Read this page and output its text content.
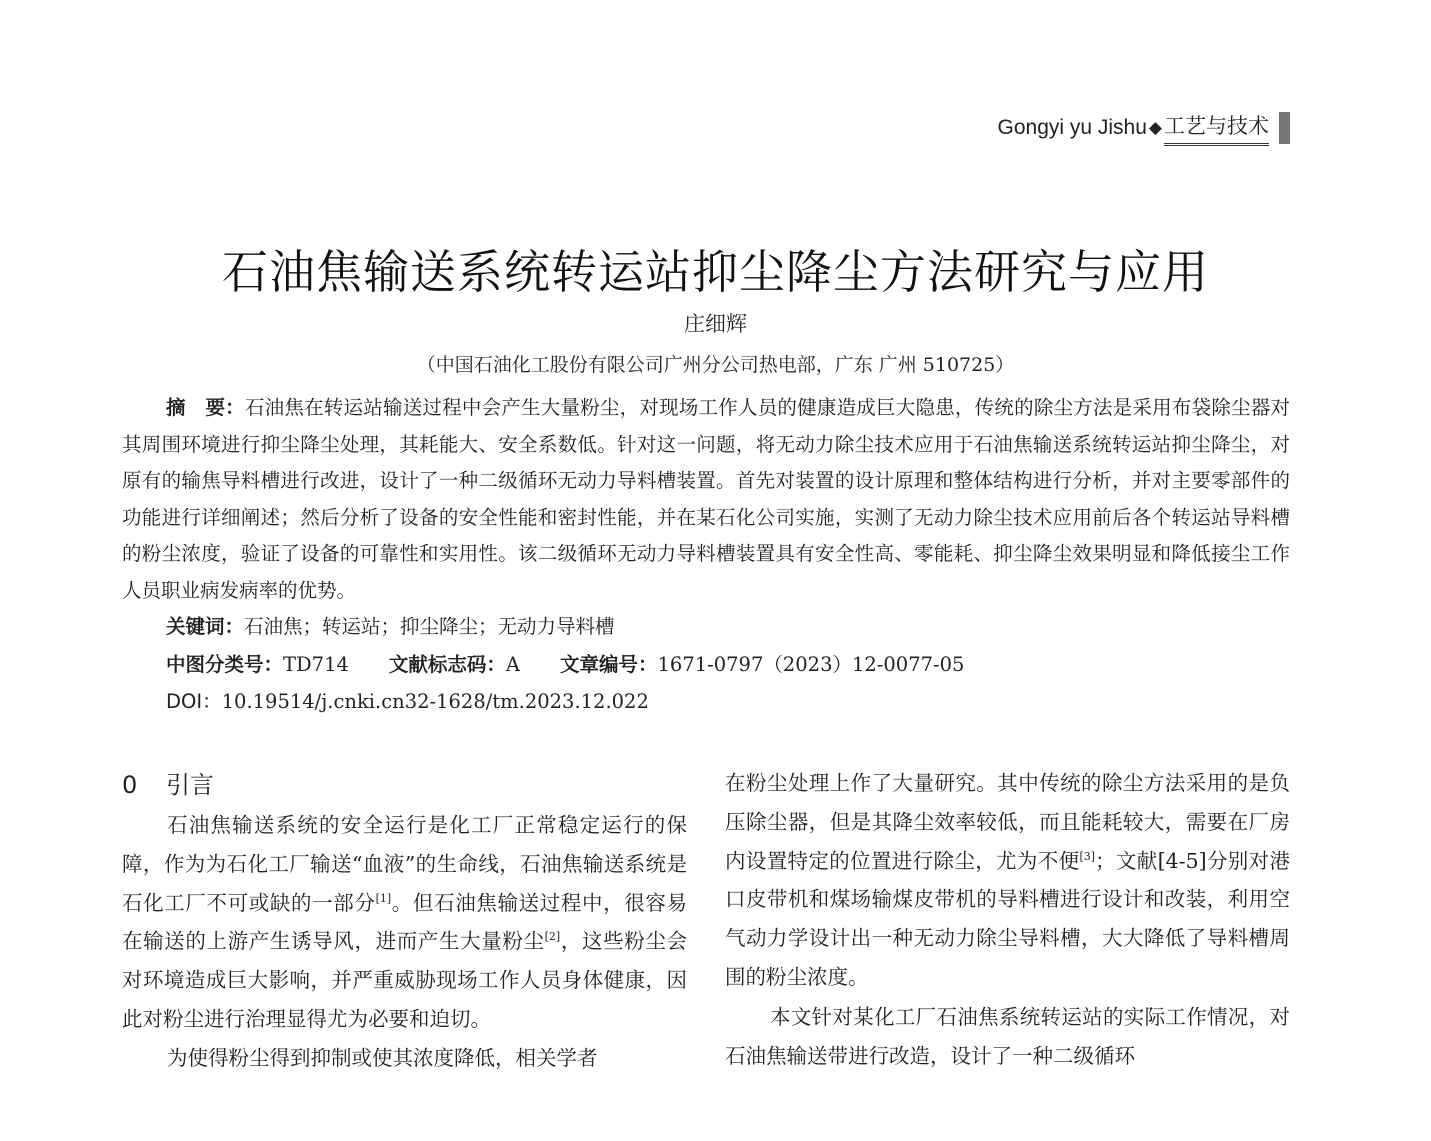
Gongyi yu Jishu ◆ 工艺与技术
石油焦输送系统转运站抑尘降尘方法研究与应用
庄细辉
（中国石油化工股份有限公司广州分公司热电部，广东 广州 510725）

摘　要：石油焦在转运站输送过程中会产生大量粉尘，对现场工作人员的健康造成巨大隐患，传统的除尘方法是采用布袋除尘器对其周围环境进行抑尘降尘处理，其耗能大、安全系数低。针对这一问题，将无动力除尘技术应用于石油焦输送系统转运站抑尘降尘，对原有的输焦导料槽进行改进，设计了一种二级循环无动力导料槽装置。首先对装置的设计原理和整体结构进行分析，并对主要零部件的功能进行详细阐述；然后分析了设备的安全性能和密封性能，并在某石化公司实施，实测了无动力除尘技术应用前后各个转运站导料槽的粉尘浓度，验证了设备的可靠性和实用性。该二级循环无动力导料槽装置具有安全性高、零能耗、抑尘降尘效果明显和降低接尘工作人员职业病发病率的优势。

关键词：石油焦；转运站；抑尘降尘；无动力导料槽
中图分类号：TD714 文献标志码：A 文章编号：1671-0797（2023）12-0077-05
DOI：10.19514/j.cnki.cn32-1628/tm.2023.12.022
0 引言

石油焦输送系统的安全运行是化工厂正常稳定运行的保障，作为为石化工厂输送“血液”的生命线，石油焦输送系统是石化工厂不可或缺的一部分[1]。但石油焦输送过程中，很容易在输送的上游产生诱导风，进而产生大量粉尘[2]，这些粉尘会对环境造成巨大影响，并严重威胁现场工作人员身体健康，因此对粉尘进行治理显得尤为必要和迫切。

为使得粉尘得到抑制或使其浓度降低，相关学者

在粉尘处理上作了大量研究。其中传统的除尘方法采用的是负压除尘器，但是其降尘效率较低，而且能耗较大，需要在厂房内设置特定的位置进行除尘，尤为不便[3]；文献[4-5]分别对港口皮带机和煤场输煤皮带机的导料槽进行设计和改装，利用空气动力学设计出一种无动力除尘导料槽，大大降低了导料槽周围的粉尘浓度。

本文针对某化工厂石油焦系统转运站的实际工作情况，对石油焦输送带进行改造，设计了一种二级循环
